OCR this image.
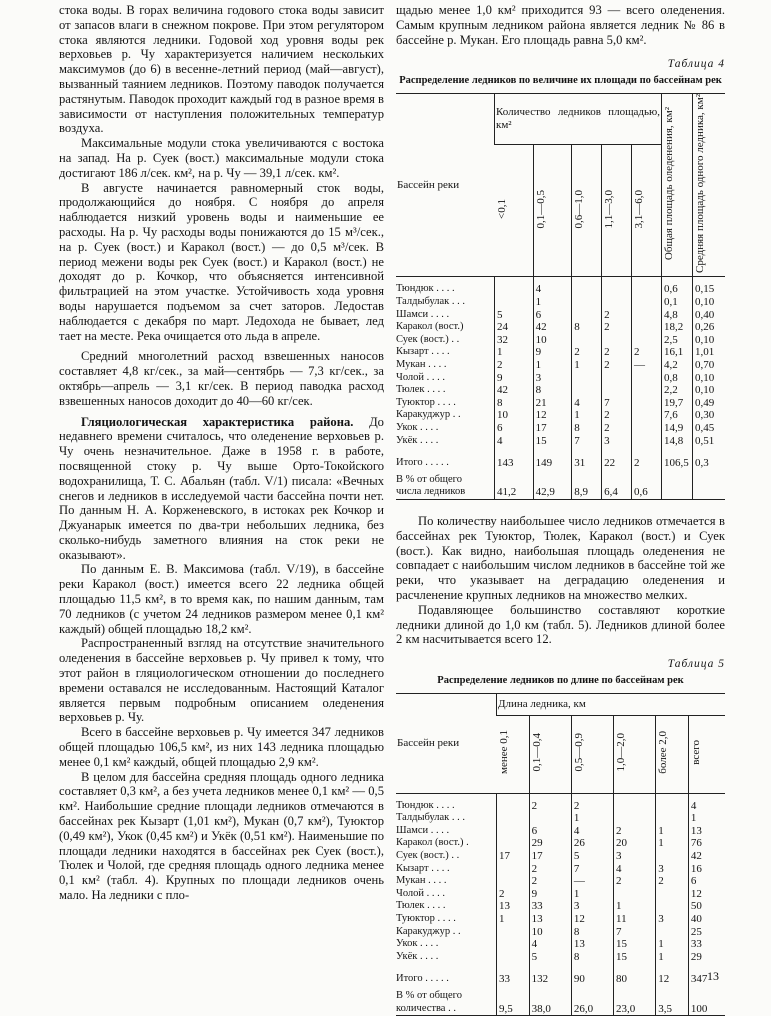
стока воды. В горах величина годового стока воды зависит от запасов влаги в снежном покрове. При этом регулятором стока являются ледники. Годовой ход уровня воды рек верховьев р. Чу характеризуется наличием нескольких максимумов (до 6) в весенне-летний период (май—август), вызванный таянием ледников. Поэтому паводок получается растянутым. Паводок проходит каждый год в разное время в зависимости от наступления положительных температур воздуха.

Максимальные модули стока увеличиваются с востока на запад. На р. Суек (вост.) максимальные модули стока достигают 186 л/сек. км², на р. Чу — 39,1 л/сек. км².

В августе начинается равномерный сток воды, продолжающийся до ноября. С ноября до апреля наблюдается низкий уровень воды и наименьшие ее расходы. На р. Чу расходы воды понижаются до 15 м³/сек., на р. Суек (вост.) и Каракол (вост.) — до 0,5 м³/сек. В период межени воды рек Суек (вост.) и Каракол (вост.) не доходят до р. Кочкор, что объясняется интенсивной фильтрацией на этом участке. Устойчивость хода уровня воды нарушается подъемом за счет заторов. Ледостав наблюдается с декабря по март. Ледохода не бывает, лед тает на месте. Река очищается ото льда в апреле.

Средний многолетний расход взвешенных наносов составляет 4,8 кг/сек., за май—сентябрь — 7,3 кг/сек., за октябрь—апрель — 3,1 кг/сек. В период паводка расход взвешенных наносов доходит до 40—60 кг/сек.

Гляциологическая характеристика района. До недавнего времени считалось, что оледенение верховьев р. Чу очень незначительное. Даже в 1958 г. в работе, посвященной стоку р. Чу выше Орто-Токойского водохранилища, Т. С. Абальян (табл. V/1) писала: «Вечных снегов и ледников в исследуемой части бассейна почти нет. По данным Н. А. Корженевского, в истоках рек Кочкор и Джуанарык имеется по два-три небольших ледника, без сколько-нибудь заметного влияния на сток реки не оказывают».

По данным Е. В. Максимова (табл. V/19), в бассейне реки Каракол (вост.) имеется всего 22 ледника общей площадью 11,5 км², в то время как, по нашим данным, там 70 ледников (с учетом 24 ледников размером менее 0,1 км² каждый) общей площадью 18,2 км².

Распространенный взгляд на отсутствие значительного оледенения в бассейне верховьев р. Чу привел к тому, что этот район в гляциологическом отношении до последнего времени оставался не исследованным. Настоящий Каталог является первым подробным описанием оледенения верховьев р. Чу.

Всего в бассейне верховьев р. Чу имеется 347 ледников общей площадью 106,5 км², из них 143 ледника площадью менее 0,1 км² каждый, общей площадью 2,9 км².

В целом для бассейна средняя площадь одного ледника составляет 0,3 км², а без учета ледников менее 0,1 км² — 0,5 км². Наибольшие средние площади ледников отмечаются в бассейнах рек Кызарт (1,01 км²), Мукан (0,7 км²), Туюктор (0,49 км²), Укок (0,45 км²) и Укёк (0,51 км²). Наименьшие по площади ледники находятся в бассейнах рек Суек (вост.), Тюлек и Чолой, где средняя площадь одного ледника менее 0,1 км² (табл. 4). Крупных по площади ледников очень мало. На ледники с пло-

щадью менее 1,0 км² приходится 93 — всего оледенения. Самым крупным ледником района является ледник № 86 в бассейне р. Мукан. Его площадь равна 5,0 км².

Таблица 4
Распределение ледников по величине их площади по бассейнам рек
Бассейн реки	Количество ледников площадью, км²					Общая площадь оледенения, км²	Средняя площадь одного ледника, км²
	<0,1	0,1—0,5	0,6—1,0	1,1—3,0	3,1—6,0		

Тюндюк . . . .		4				0,6	0,15
Талдыбулак . . .		1				0,1	0,10
Шамси . . . .	5	6		2		4,8	0,40
Каракол (вост.)	24	42	8	2		18,2	0,26
Суек (вост.) . .	32	10				2,5	0,10
Кызарт . . . .	1	9	2	2	2	16,1	1,01
Мукан . . . .	2	1	1	2	—	4,2	0,70
Чолой . . . .	9	3				0,8	0,10
Тюлек . . . .	42	8				2,2	0,10
Туюктор . . . .	8	21	4	7		19,7	0,49
Каракуджур . .	10	12	1	2		7,6	0,30
Укок . . . .	6	17	8	2		14,9	0,45
Укёк . . . .	4	15	7	3		14,8	0,51
Итого . . . . .	143	149	31	22	2	106,5	0,3
В % от общего							
числа ледников	41,2	42,9	8,9	6,4	0,6		

По количеству наибольшее число ледников отмечается в бассейнах рек Туюктор, Тюлек, Каракол (вост.) и Суек (вост.). Как видно, наибольшая площадь оледенения не совпадает с наибольшим числом ледников в бассейне той же реки, что указывает на деградацию оледенения и расчленение крупных ледников на множество мелких.

Подавляющее большинство составляют короткие ледники длиной до 1,0 км (табл. 5). Ледников длиной более 2 км насчитывается всего 12.

Таблица 5
Распределение ледников по длине по бассейнам рек
Бассейн реки	Длина ледника, км					
	менее 0,1	0,1—0,4	0,5—0,9	1,0—2,0	более 2,0	всего

Тюндюк . . . .		2	2			4
Талдыбулак . . .			1			1
Шамси . . . .		6	4	2	1	13
Каракол (вост.) .		29	26	20	1	76
Суек (вост.) . .	17	17	5	3		42
Кызарт . . . .		2	7	4	3	16
Мукан . . . .		2	—	2	2	6
Чолой . . . .	2	9	1			12
Тюлек . . . .	13	33	3	1		50
Туюктор . . . .	1	13	12	11	3	40
Каракуджур . .		10	8	7		25
Укок . . . .		4	13	15	1	33
Укёк . . . .		5	8	15	1	29
Итого . . . . .	33	132	90	80	12	347
В % от общего						
количества . .	9,5	38,0	26,0	23,0	3,5	100
13
